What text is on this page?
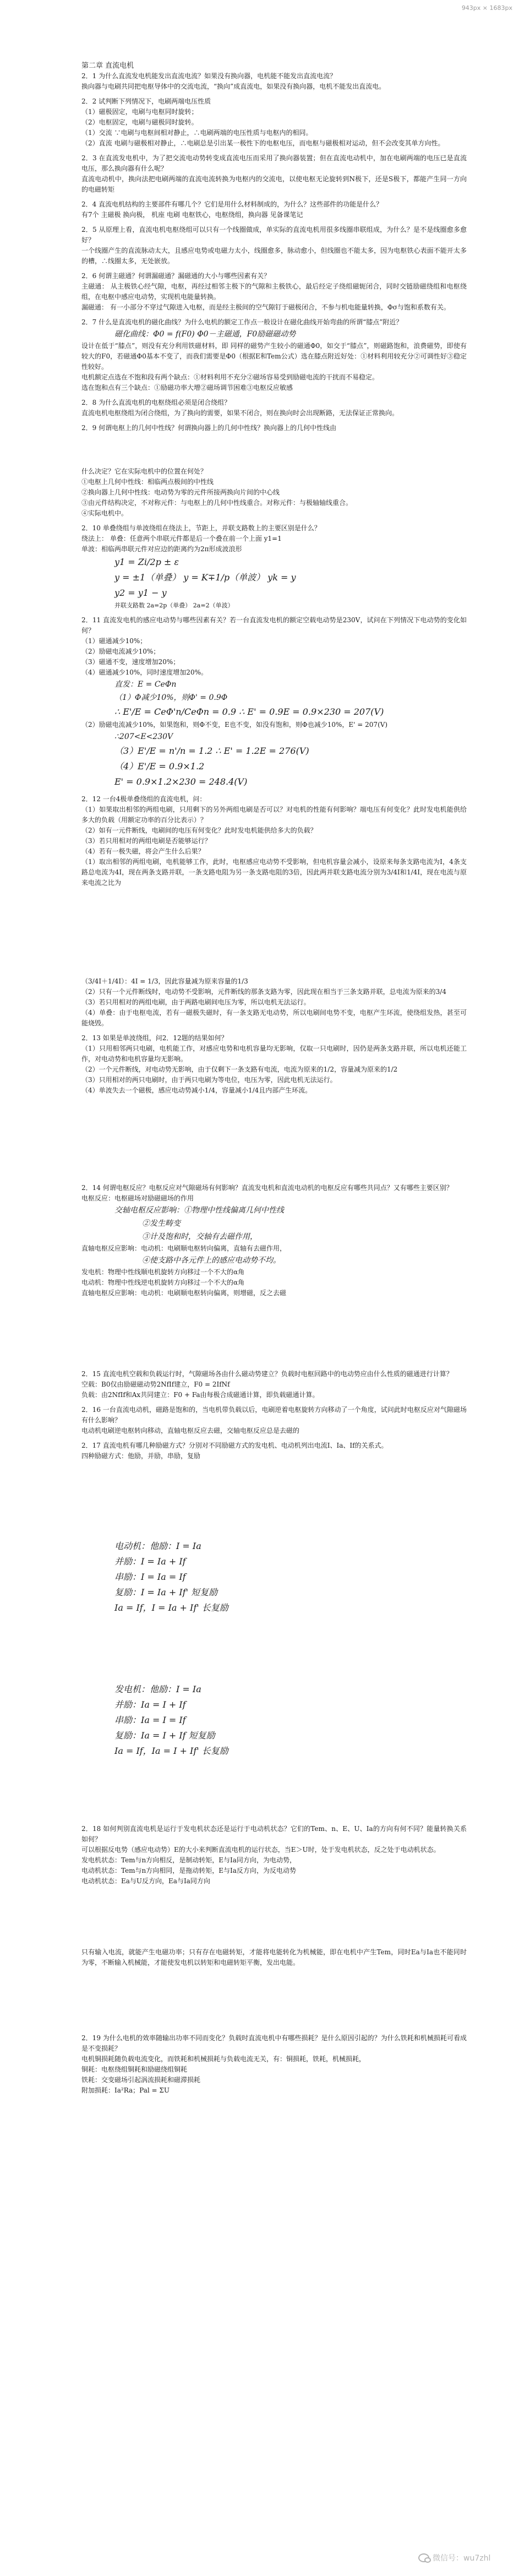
943px × 1683px

第二章 直流电机

2．1 为什么直流发电机能发出直流电流？如果没有换向器，电机能不能发出直流电流？

换向器与电刷共同把电枢导体中的交流电流，“换向”成直流电，如果没有换向器，电机不能发出直流电。

2．2 试判断下列情况下，电刷两端电压性质

（1）磁极固定，电刷与电枢同时旋转；

（2）电枢固定，电刷与磁极同时旋转。

（1）交流 ∵电刷与电枢间相对静止，∴电刷两端的电压性质与电枢内的相同。

（2）直流 电刷与磁极相对静止，∴电刷总是引出某一极性下的电枢电压，而电枢与磁极相对运动，但不会改变其单方向性。

2．3 在直流发电机中，为了把交流电动势转变成直流电压而采用了换向器装置；但在直流电动机中，加在电刷两端的电压已是直流电压，那么换向器有什么呢？

直流电动机中，换向法把电刷两端的直流电流转换为电枢内的交流电，以使电枢无论旋转到N极下，还是S极下，都能产生同一方向的电磁转矩

2．4 直流电机结构的主要部件有哪几个？它们是用什么材料制成的，为什么？这些部件的功能是什么？

有7个 主磁极 换向极， 机座 电刷 电枢铁心，电枢绕组，换向器 见备课笔记

2．5 从原理上看，直流电机电枢绕组可以只有一个线圈做成，单实际的直流电机用很多线圈串联组成，为什么？是不是线圈愈多愈好？

一个线圈产生的直流脉动太大，且感应电势或电磁力太小，线圈愈多，脉动愈小，但线圈也不能太多，因为电枢铁心表面不能开太多的槽，∴线圈太多，无处嵌放。

2．6 何谓主磁通？何谓漏磁通？漏磁通的大小与哪些因素有关？

主磁通： 从主极铁心经气隙，电枢，再经过相邻主极下的气隙和主极铁心，最后经定子绕组磁轭闭合，同时交链励磁绕组和电枢绕组，在电枢中感应电动势，实现机电能量转换。

漏磁通： 有一小部分不穿过气隙进入电枢，而是经主极间的空气隙钉于磁极闭合，不参与机电能量转换，Φσ与饱和系数有关。

2．7 什么是直流电机的磁化曲线？为什么电机的额定工作点一般设计在磁化曲线开始弯曲的所谓“膝点”附近？

磁化曲线：Φ0 = f(F0) Φ0－主磁通，F0励磁磁动势

设计在低于“膝点”，则没有充分利用铁磁材料，即 同样的磁势产生较小的磁通Φ0，如交于“膝点”，则磁路饱和，浪费磁势，即使有较大的F0，若磁通Φ0基本不变了，而我们需要是Φ0（根据E和Tem公式）选在膝点附近好处：①材料利用较充分②可调性好③稳定性较好。

电机额定点选在不饱和段有两个缺点：①材料利用不充分②磁场容易受到励磁电流的干扰而不易稳定。

选在饱和点有三个缺点：①励磁功率大增②磁场调节困难③电枢反应敏感

2．8 为什么直流电机的电枢绕组必须是闭合绕组？

直流电机电枢绕组为闭合绕组，为了换向的需要，如果不闭合，则在换向时会出现断路，无法保证正常换向。

2．9 何谓电枢上的几何中性线？何谓换向器上的几何中性线？换向器上的几何中性线由

什么决定？它在实际电机中的位置在何处？

①电枢上几何中性线：相临两点极间的中性线

②换向器上几何中性线：电动势为零的元件所接两换向片间的中心线

③由元件结构决定，不对称元件：与电枢上的几何中性线重合。对称元件：与极轴轴线重合。

④实际电机中。

2．10 单叠绕组与单波绕组在绕法上，节距上，并联支路数上的主要区别是什么？

绕法上： 单叠：任意两个串联元件都是后一个叠在前一个上面 y1=1

单波：相临两串联元件对应边的距离约为2π形成波浪形

y1 = Zi/2p ± ε

y = ±1（单叠） y = K∓1/p（单波） yk = y

y2 = y1 − y

并联支路数 2a=2p（单叠） 2a=2（单波）

2．11 直流发电机的感应电动势与哪些因素有关？若一台直流发电机的额定空载电动势是230V，试问在下列情况下电动势的变化如何？

（1）磁通减少10%；

（2）励磁电流减少10%；

（3）磁通不变，速度增加20%；

（4）磁通减少10%，同时速度增加20%。

直发：E = CeΦn

（1）Φ减少10%，则Φ' = 0.9Φ

∴ E'/E = CeΦ'n/CeΦn = 0.9 ∴ E' = 0.9E = 0.9×230 = 207(V)

（2）励磁电流减少10%，如果饱和，则Φ不变，E也不变，如没有饱和，则Φ也减少10%，E' = 207(V)

∴207<E<230V

（3）E'/E = n'/n = 1.2 ∴ E' = 1.2E = 276(V)

（4）E'/E = 0.9×1.2

E' = 0.9×1.2×230 = 248.4(V)

2．12 一台4极单叠绕组的直流电机，问：

（1）如果取出相邻的两组电刷，只用剩下的另外两组电刷是否可以？对电机的性能有何影响？端电压有何变化？此时发电机能供给多大的负载（用额定功率的百分比表示）？

（2）如有一元件断线，电刷间的电压有何变化？此时发电机能供给多大的负载？

（3）若只用相对的两组电刷是否能够运行？

（4）若有一极失磁，将会产生什么后果？

（1）取出相邻的两组电刷，电机能够工作，此时，电枢感应电动势不受影响，但电机容量会减小，设原来每条支路电流为I，4条支路总电流为4I，现在两条支路并联，一条支路电阻为另一条支路电阻的3倍，因此两并联支路电流分别为3/4I和1/4I，现在电流与原来电流之比为

（3/4I＋1/4I）：4I = 1/3，因此容量减为原来容量的1/3

（2）只有一个元件断线时，电动势不受影响，元件断线的那条支路为零，因此现在相当于三条支路并联，总电流为原来的3/4

（3）若只用相对的两组电刷，由于两路电刷间电压为零，所以电机无法运行。

（4）单叠：由于电枢电流，若有一磁极失磁时，有一条支路无电动势，所以电刷间电势不变，电枢产生环流，使绕组发热，甚至可能烧毁。

2．13 如果是单波绕组，问2．12题的结果如何？

（1）只用相邻两只电刷，电机能工作，对感应电势和电机容量均无影响，仅取一只电刷时，因仍是两条支路并联，所以电机还能工作，对电动势和电机容量均无影响。

（2）一个元件断线，对电动势无影响，由于仅剩下一条支路有电流，电流为原来的1/2，容量减为原来的1/2

（3）只用相对的两只电刷时，由于两只电刷为等电位，电压为零，因此电机无法运行。

（4）单波失去一个磁极，感应电动势减小1/4，容量减小1/4且内部产生环流。

2．14 何谓电枢反应？电枢反应对气隙磁场有何影响？直流发电机和直流电动机的电枢反应有哪些共同点？又有哪些主要区别？

电枢反应：电枢磁场对励磁磁场的作用

交轴电枢反应影响：①物理中性线偏离几何中性线

②发生畴变

③计及饱和时，交轴有去磁作用，

直轴电枢反应影响：电动机：电刷顺电枢转向偏离，直轴有去磁作用，

④使支路中各元件上的感应电动势不均。

发电机：物理中性线顺电机旋转方向移过一个不大的α角

电动机：物理中性线逆电机旋转方向移过一个不大的α角

直轴电枢反应影响：电动机：电刷顺电枢转向偏离，则增磁，反之去磁

2．15 直流电机空载和负载运行时，气隙磁场各由什么磁动势建立？负载时电枢回路中的电动势应由什么性质的磁通进行计算？

空载：B0仅由励磁磁动势2NfIf建立，F0 = 2IfNf

负载：由2NfIf和Ax共同建立：F0 + Fa由每极合成磁通计算，即负载磁通计算。

2．16 一台直流电动机，磁路是饱和的，当电机带负载以后，电刷逆着电枢旋转方向移动了一个角度，试问此时电枢反应对气隙磁场有什么影响？

电动机电刷逆电枢转向移动，直轴电枢反应去磁，交轴电枢反应总是去磁的

2．17 直流电机有哪几种励磁方式？分别对不同励磁方式的发电机、电动机列出电流I、Ia、If的关系式。

四种励磁方式：他励，并励，串励，复励

电动机：他励：I = Ia

并励：I = Ia + If

串励：I = Ia = If

复励：I = Ia + If' 短复励

Ia = If，I = Ia + If' 长复励

发电机：他励：I = Ia

并励：Ia = I + If

串励：Ia = I = If

复励：Ia = I + If 短复励

Ia = If，Ia = I + If' 长复励

2．18 如何判别直流电机是运行于发电机状态还是运行于电动机状态？它们的Tem、n、E、U、Ia的方向有何不同？能量转换关系如何？

可以根据反电势（感应电动势）E的大小来判断直流电机的运行状态，当E＞U时，处于发电机状态，反之处于电动机状态。

发电机状态：Tem与n方向相反，是制动转矩，E与Ia同方向，为电动势，

电动机状态：Tem与n方向相同，是拖动转矩，E与Ia反方向，为反电动势

电动机状态：Ea与U反方向，Ea与Ia同方向

只有输入电流，就能产生电磁功率；只有存在电磁转矩，才能将电能转化为机械能，即在电机中产生Tem，同时Ea与Ia也不能同时为零，不断输入机械能，才能使发电机以转矩和电磁转矩平衡，发出电能。

2．19 为什么电机的效率随输出功率不同而变化？负载时直流电机中有哪些损耗？是什么原因引起的？为什么铁耗和机械损耗可看成是不变损耗？

电机铜损耗随负载电流变化，而铁耗和机械损耗与负载电流无关，有：铜损耗，铁耗，机械损耗，

铜耗：电枢绕组铜耗和励磁绕组铜耗

铁耗：交变磁场引起涡流损耗和磁滞损耗

附加损耗：Ia²Ra；Pal = ΣU

微信号：wu7zhl
